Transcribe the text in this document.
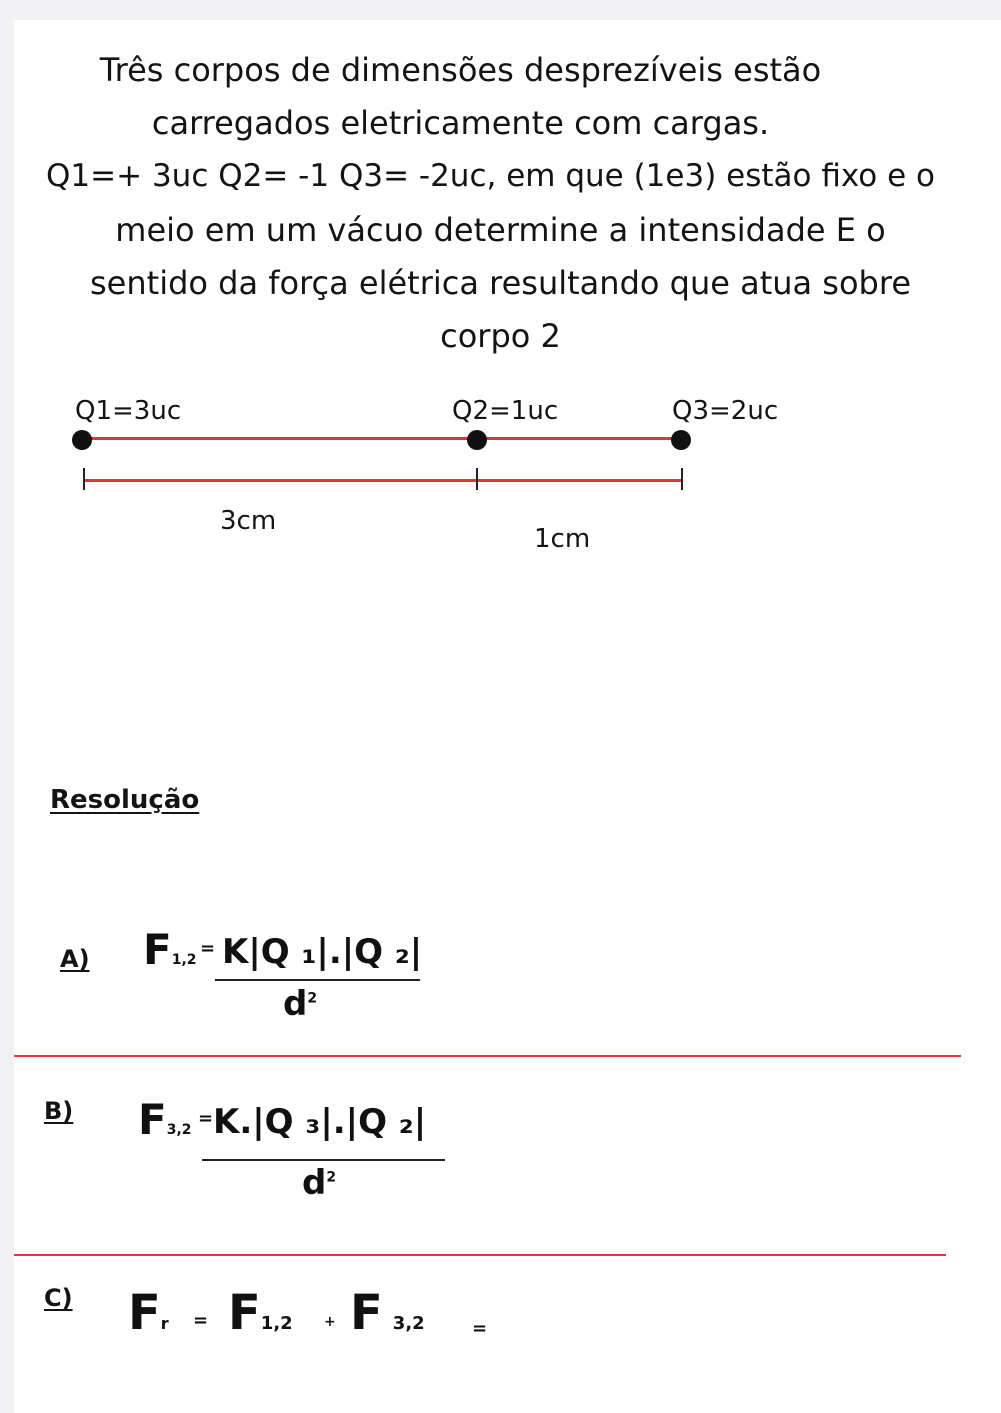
Três corpos de dimensões desprezíveis estão
carregados eletricamente com cargas.
Q1=+ 3uc Q2= -1 Q3= -2uc, em que (1e3) estão fixo e o
meio em um vácuo determine a intensidade E o
sentido da força elétrica resultando que atua sobre
corpo 2
Q1=3uc	Q2=1uc	Q3=2uc
3cm
1cm
Resolução
A) F1,2
= K|Q ₁|.|Q ₂|
$d^2$
B) F3,2
= K.|Q ₃|.|Q ₂|
$d^2$
C) Fr = F1,2 + F 3,2	=
